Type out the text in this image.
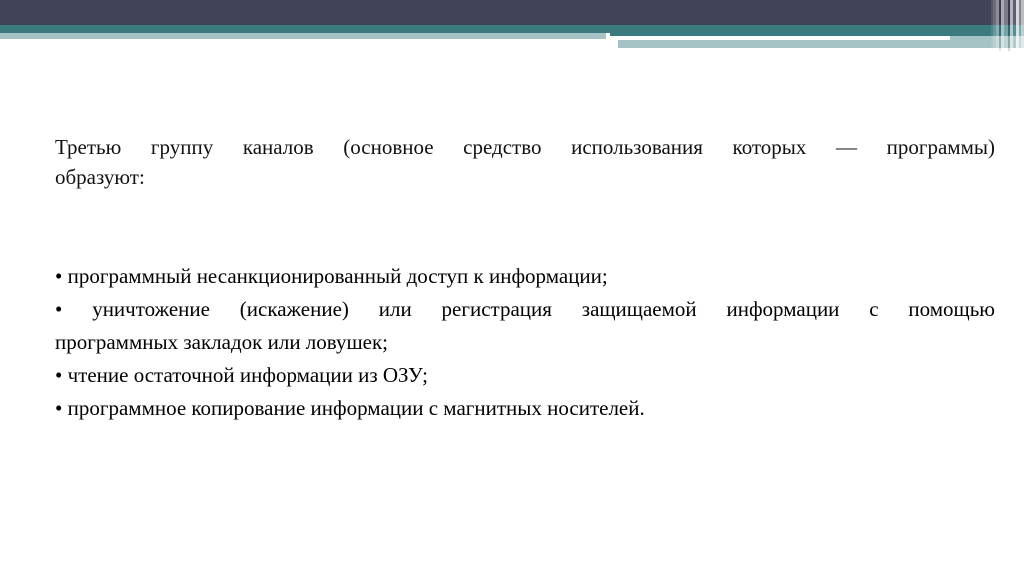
Третью группу каналов (основное средство использования которых — программы)
образуют:
• программный несанкционированный доступ к информации;
• уничтожение (искажение) или регистрация защищаемой информации с помощью
программных закладок или ловушек;
• чтение остаточной информации из ОЗУ;
• программное копирование информации с магнитных носителей.
